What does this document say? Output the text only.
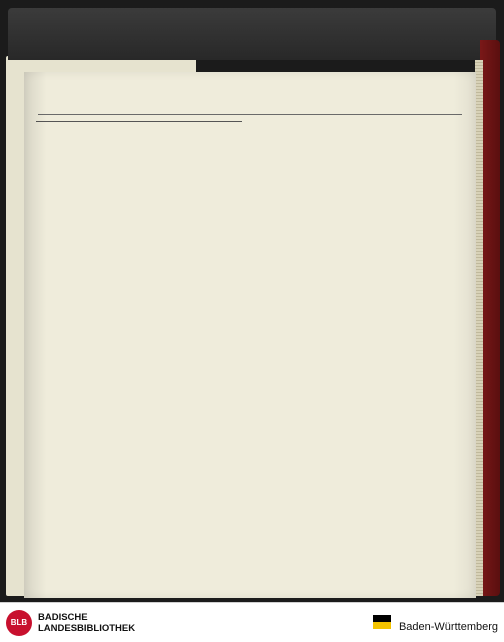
BLB	BADISCHE
LANDESBIBLIOTHEK	Baden-Württemberg
